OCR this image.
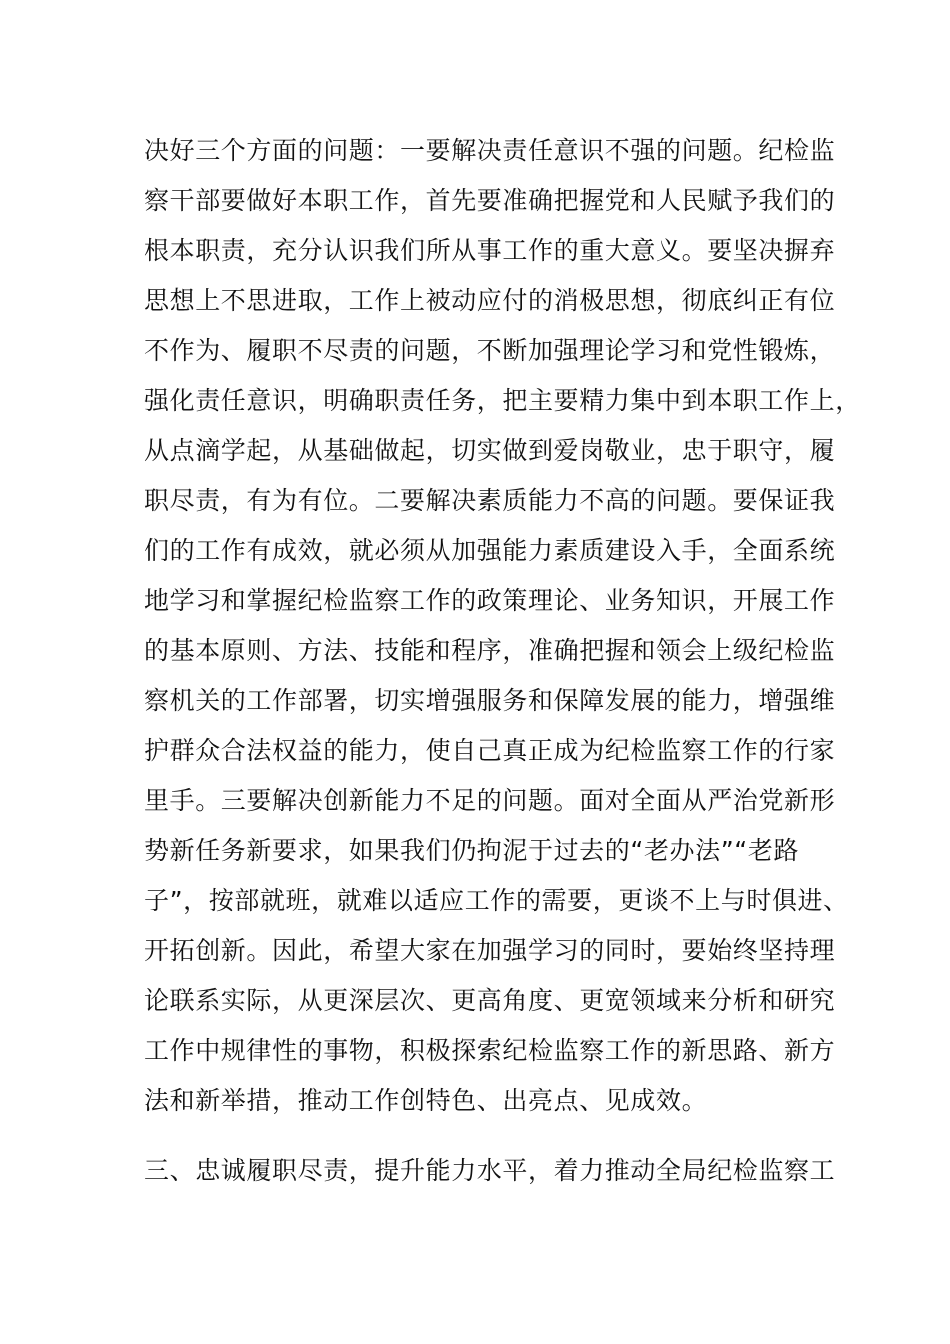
决好三个方面的问题：一要解决责任意识不强的问题。纪检监
察干部要做好本职工作，首先要准确把握党和人民赋予我们的
根本职责，充分认识我们所从事工作的重大意义。要坚决摒弃
思想上不思进取，工作上被动应付的消极思想，彻底纠正有位
不作为、履职不尽责的问题，不断加强理论学习和党性锻炼，
强化责任意识，明确职责任务，把主要精力集中到本职工作上，
从点滴学起，从基础做起，切实做到爱岗敬业，忠于职守，履
职尽责，有为有位。二要解决素质能力不高的问题。要保证我
们的工作有成效，就必须从加强能力素质建设入手，全面系统
地学习和掌握纪检监察工作的政策理论、业务知识，开展工作
的基本原则、方法、技能和程序，准确把握和领会上级纪检监
察机关的工作部署，切实增强服务和保障发展的能力，增强维
护群众合法权益的能力，使自己真正成为纪检监察工作的行家
里手。三要解决创新能力不足的问题。面对全面从严治党新形
势新任务新要求，如果我们仍拘泥于过去的“老办法”“老路
子”，按部就班，就难以适应工作的需要，更谈不上与时俱进、
开拓创新。因此，希望大家在加强学习的同时，要始终坚持理
论联系实际，从更深层次、更高角度、更宽领域来分析和研究
工作中规律性的事物，积极探索纪检监察工作的新思路、新方
法和新举措，推动工作创特色、出亮点、见成效。
三、忠诚履职尽责，提升能力水平，着力推动全局纪检监察工
